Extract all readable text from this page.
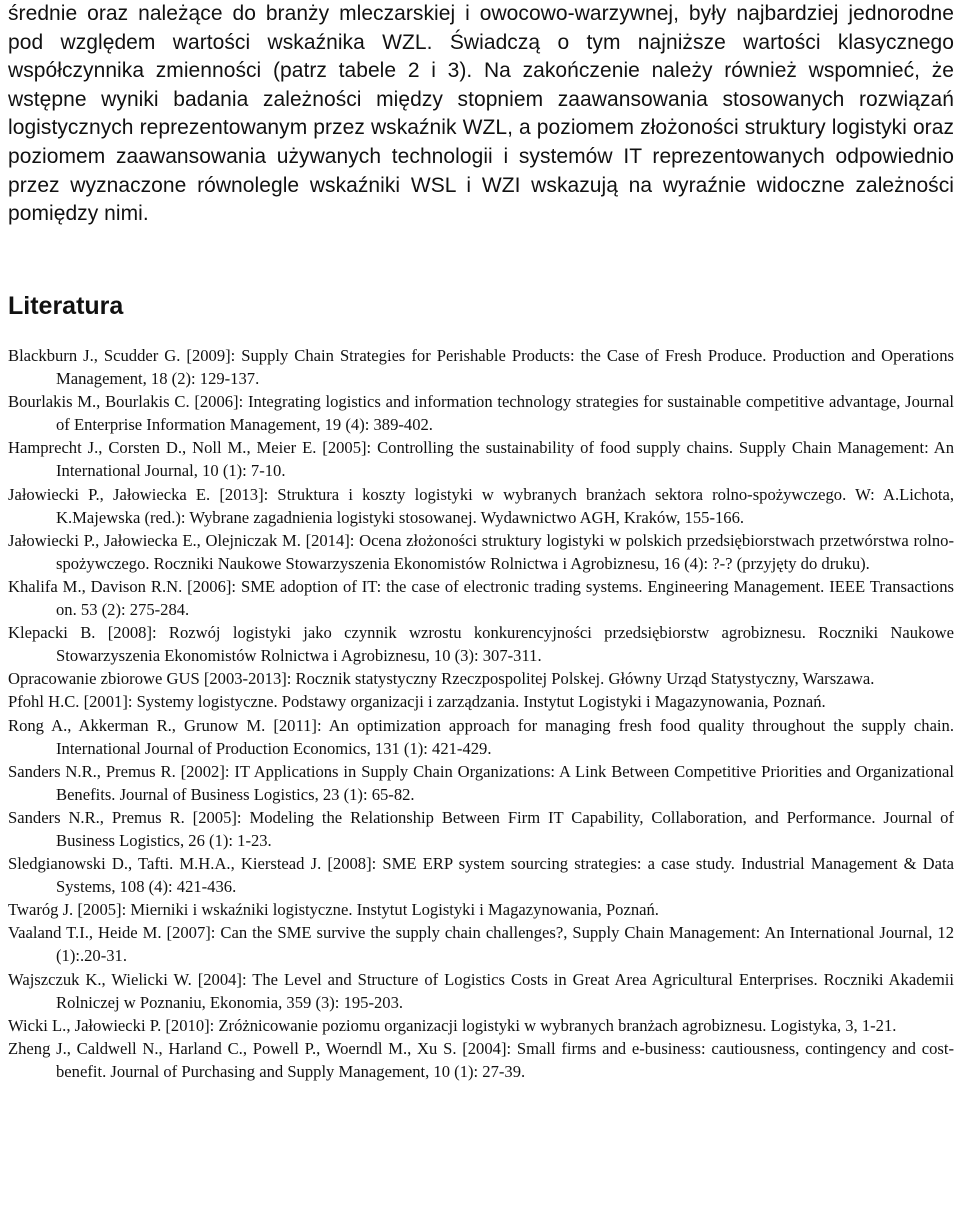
średnie oraz należące do branży mleczarskiej i owocowo-warzywnej, były najbardziej jednorodne pod względem wartości wskaźnika WZL. Świadczą o tym najniższe wartości klasycznego współczynnika zmienności (patrz tabele 2 i 3). Na zakończenie należy również wspomnieć, że wstępne wyniki badania zależności między stopniem zaawansowania stosowanych rozwiązań logistycznych reprezentowanym przez wskaźnik WZL, a poziomem złożoności struktury logistyki oraz poziomem zaawansowania używanych technologii i systemów IT reprezentowanych odpowiednio przez wyznaczone równolegle wskaźniki WSL i WZI wskazują na wyraźnie widoczne zależności pomiędzy nimi.

Literatura
Blackburn J., Scudder G. [2009]: Supply Chain Strategies for Perishable Products: the Case of Fresh Produce. Production and Operations Management, 18 (2): 129-137.
Bourlakis M., Bourlakis C. [2006]: Integrating logistics and information technology strategies for sustainable competitive advantage, Journal of Enterprise Information Management, 19 (4): 389-402.
Hamprecht J., Corsten D., Noll M., Meier E. [2005]: Controlling the sustainability of food supply chains. Supply Chain Management: An International Journal, 10 (1): 7-10.
Jałowiecki P., Jałowiecka E. [2013]: Struktura i koszty logistyki w wybranych branżach sektora rolno-spożywczego. W: A.Lichota, K.Majewska (red.): Wybrane zagadnienia logistyki stosowanej. Wydawnictwo AGH, Kraków, 155-166.
Jałowiecki P., Jałowiecka E., Olejniczak M. [2014]: Ocena złożoności struktury logistyki w polskich przedsiębiorstwach przetwórstwa rolno-spożywczego. Roczniki Naukowe Stowarzyszenia Ekonomistów Rolnictwa i Agrobiznesu, 16 (4): ?-? (przyjęty do druku).
Khalifa M., Davison R.N. [2006]: SME adoption of IT: the case of electronic trading systems. Engineering Management. IEEE Transactions on. 53 (2): 275-284.
Klepacki B. [2008]: Rozwój logistyki jako czynnik wzrostu konkurencyjności przedsiębiorstw agrobiznesu. Roczniki Naukowe Stowarzyszenia Ekonomistów Rolnictwa i Agrobiznesu, 10 (3): 307-311.
Opracowanie zbiorowe GUS [2003-2013]: Rocznik statystyczny Rzeczpospolitej Polskej. Główny Urząd Statystyczny, Warszawa.
Pfohl H.C. [2001]: Systemy logistyczne. Podstawy organizacji i zarządzania. Instytut Logistyki i Magazynowania, Poznań.
Rong A., Akkerman R., Grunow M. [2011]: An optimization approach for managing fresh food quality throughout the supply chain. International Journal of Production Economics, 131 (1): 421-429.
Sanders N.R., Premus R. [2002]: IT Applications in Supply Chain Organizations: A Link Between Competitive Priorities and Organizational Benefits. Journal of Business Logistics, 23 (1): 65-82.
Sanders N.R., Premus R. [2005]: Modeling the Relationship Between Firm IT Capability, Collaboration, and Performance. Journal of Business Logistics, 26 (1): 1-23.
Sledgianowski D., Tafti. M.H.A., Kierstead J. [2008]: SME ERP system sourcing strategies: a case study. Industrial Management & Data Systems, 108 (4): 421-436.
Twaróg J. [2005]: Mierniki i wskaźniki logistyczne. Instytut Logistyki i Magazynowania, Poznań.
Vaaland T.I., Heide M. [2007]: Can the SME survive the supply chain challenges?, Supply Chain Management: An International Journal, 12 (1):.20-31.
Wajszczuk K., Wielicki W. [2004]: The Level and Structure of Logistics Costs in Great Area Agricultural Enterprises. Roczniki Akademii Rolniczej w Poznaniu, Ekonomia, 359 (3): 195-203.
Wicki L., Jałowiecki P. [2010]: Zróżnicowanie poziomu organizacji logistyki w wybranych branżach agrobiznesu. Logistyka, 3, 1-21.
Zheng J., Caldwell N., Harland C., Powell P., Woerndl M., Xu S. [2004]: Small firms and e-business: cautiousness, contingency and cost-benefit. Journal of Purchasing and Supply Management, 10 (1): 27-39.
